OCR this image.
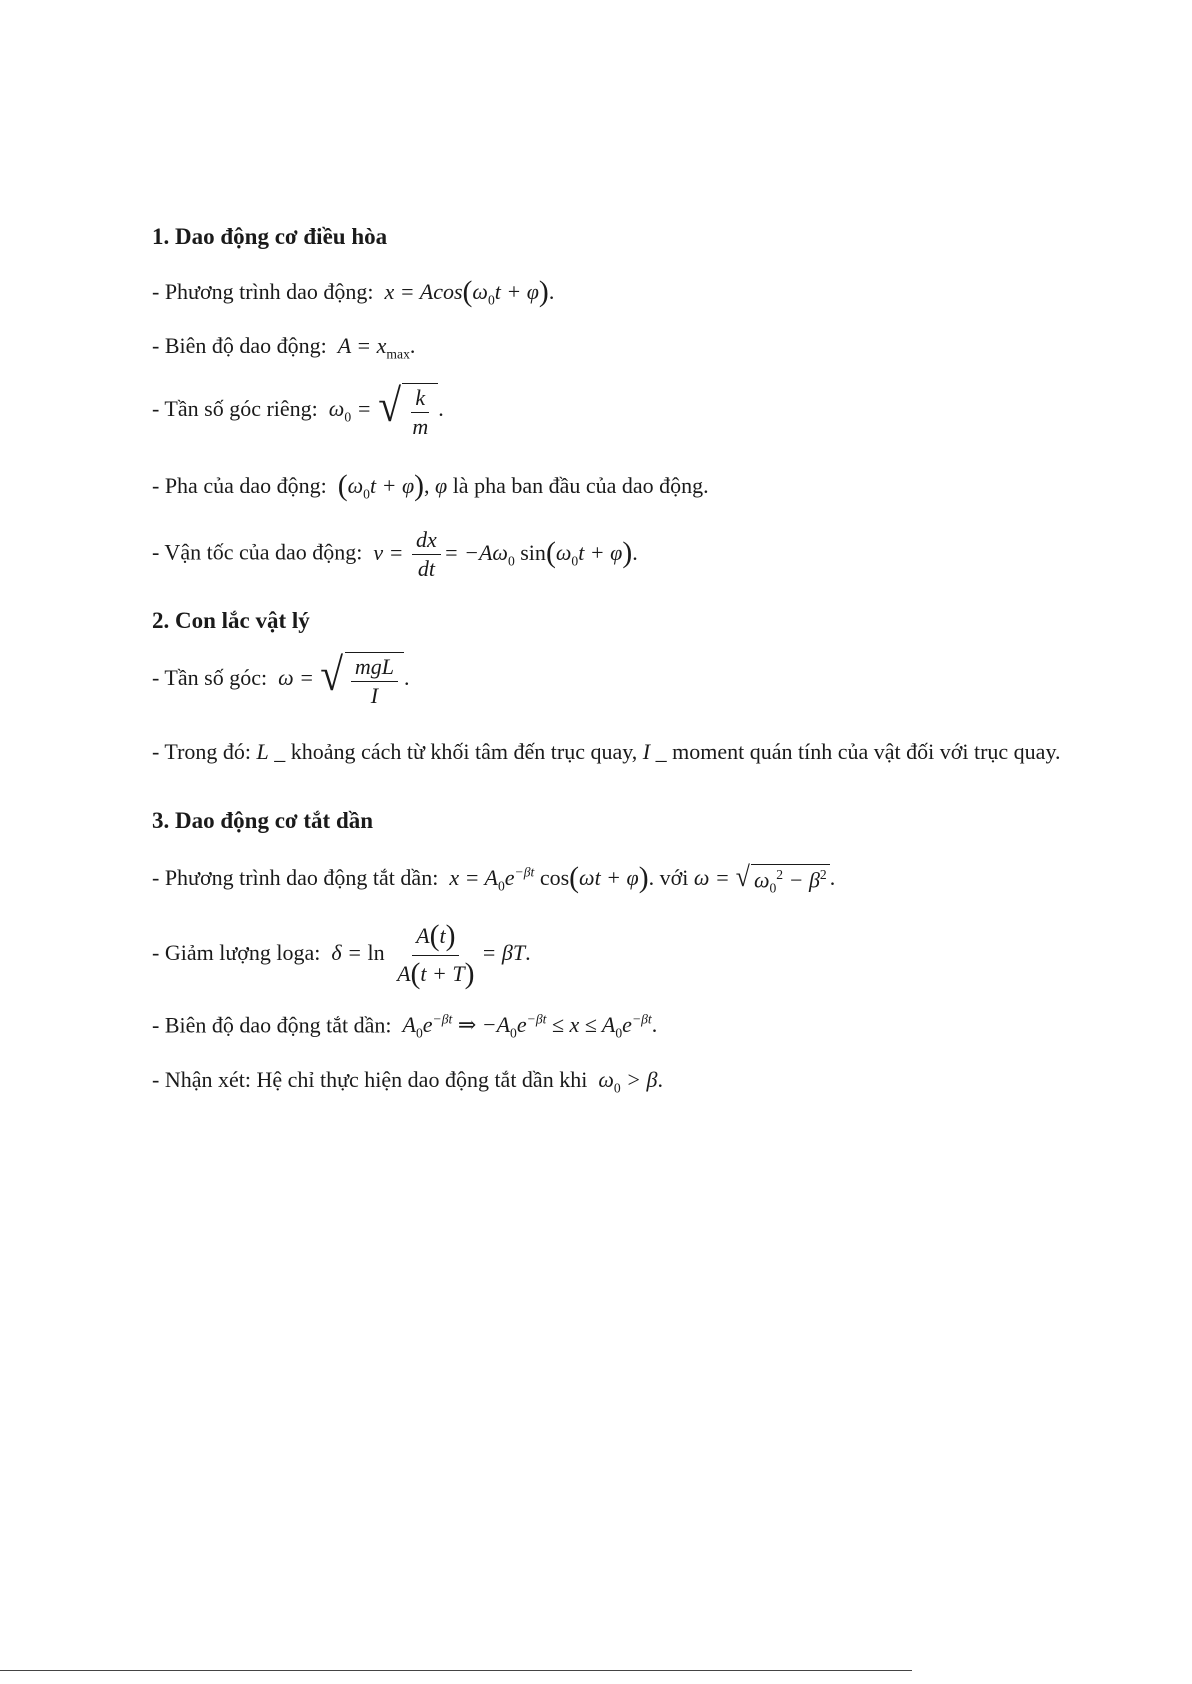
1. Dao động cơ điều hòa
- Phương trình dao động:  $x = Acos(\omega_0t + \varphi)$.
- Biên độ dao động:  $A = x_{max}$.
- Tần số góc riêng:  $\omega_0$ = √ $\frac{k}{m}$ .
- Pha của dao động: $(\omega_0t + \varphi)$, φ là pha ban đầu của dao động.
- Vận tốc của dao động:  $v = \frac{dx}{dt} = -A\omega_0$ $\sin(\omega_0t + \varphi)$.
2. Con lắc vật lý
- Tần số góc:  ω = √ $\frac{\text{mgL}}{I}$ .
- Trong đó: L _ khoảng cách từ khối tâm đến trục quay, I _ moment quán tính của vật đối với trục quay.
3. Dao động cơ tắt dần
- Phương trình dao động tắt dần:  $x = A_0e^{-\beta t}$ cos(ωt + φ). với ω = √ $\omega_0^2 - \beta^2$ .
- Giảm lượng loga:  $\delta = \ln \frac{A(t)}{A(t + T)} = \beta T$.
- Biên độ dao động tắt dần:  $A_0e^{-\beta t}$ ⇒ $-A_0e^{-\beta t} \le x \le A_0e^{-\beta t}$.
- Nhận xét: Hệ chỉ thực hiện dao động tắt dần khi  $\omega_0 > \beta$.
